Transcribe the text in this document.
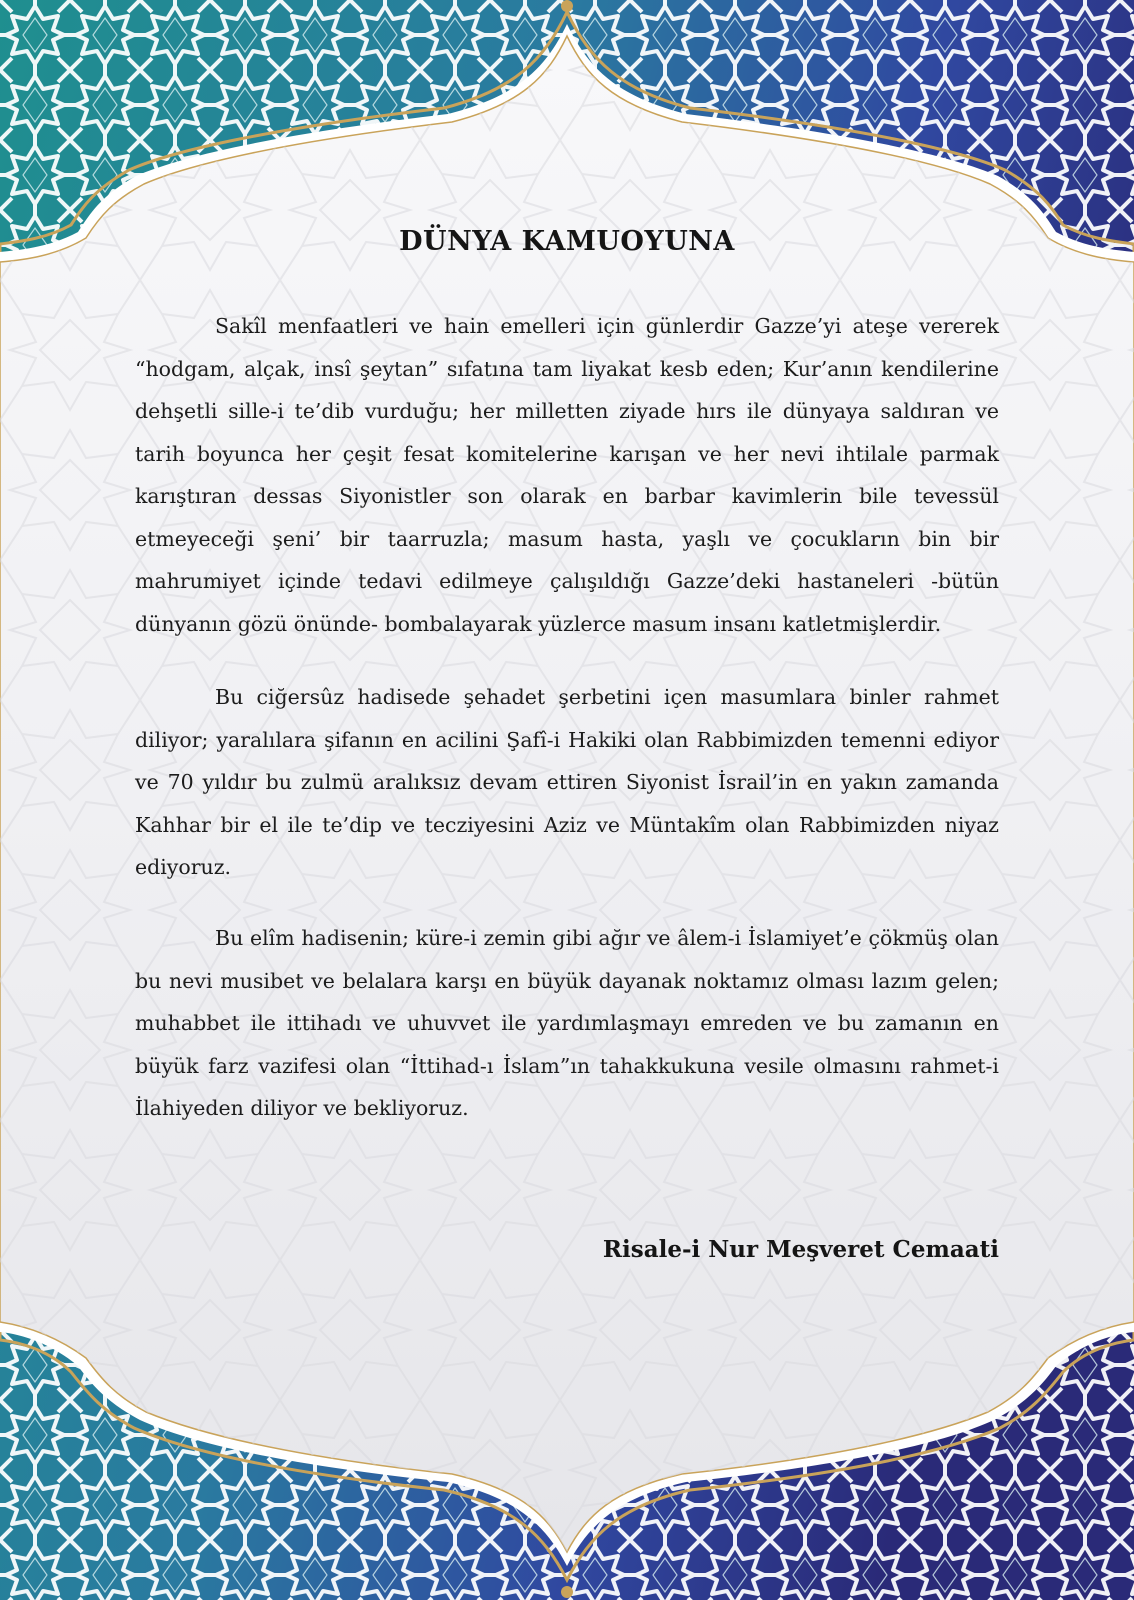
DÜNYA KAMUOYUNA

Sakîl menfaatleri ve hain emelleri için günlerdir Gazze’yi ateşe vererek “hodgam, alçak, insî şeytan” sıfatına tam liyakat kesb eden; Kur’anın kendilerine dehşetli sille-i te’dib vurduğu; her milletten ziyade hırs ile dünyaya saldıran ve tarih boyunca her çeşit fesat komitelerine karışan ve her nevi ihtilale parmak karıştıran dessas Siyonistler son olarak en barbar kavimlerin bile tevessül etmeyeceği şeni’ bir taarruzla; masum hasta, yaşlı ve çocukların bin bir mahrumiyet içinde tedavi edilmeye çalışıldığı Gazze’deki hastaneleri -bütün dünyanın gözü önünde- bombalayarak yüzlerce masum insanı katletmişlerdir.

Bu ciğersûz hadisede şehadet şerbetini içen masumlara binler rahmet diliyor; yaralılara şifanın en acilini Şafî-i Hakiki olan Rabbimizden temenni ediyor ve 70 yıldır bu zulmü aralıksız devam ettiren Siyonist İsrail’in en yakın zamanda Kahhar bir el ile te’dip ve tecziyesini Aziz ve Müntakîm olan Rabbimizden niyaz ediyoruz.

Bu elîm hadisenin; küre-i zemin gibi ağır ve âlem-i İslamiyet’e çökmüş olan bu nevi musibet ve belalara karşı en büyük dayanak noktamız olması lazım gelen; muhabbet ile ittihadı ve uhuvvet ile yardımlaşmayı emreden ve bu zamanın en büyük farz vazifesi olan “İttihad-ı İslam”ın tahakkukuna vesile olmasını rahmet-i İlahiyeden diliyor ve bekliyoruz.

Risale-i Nur Meşveret Cemaati
